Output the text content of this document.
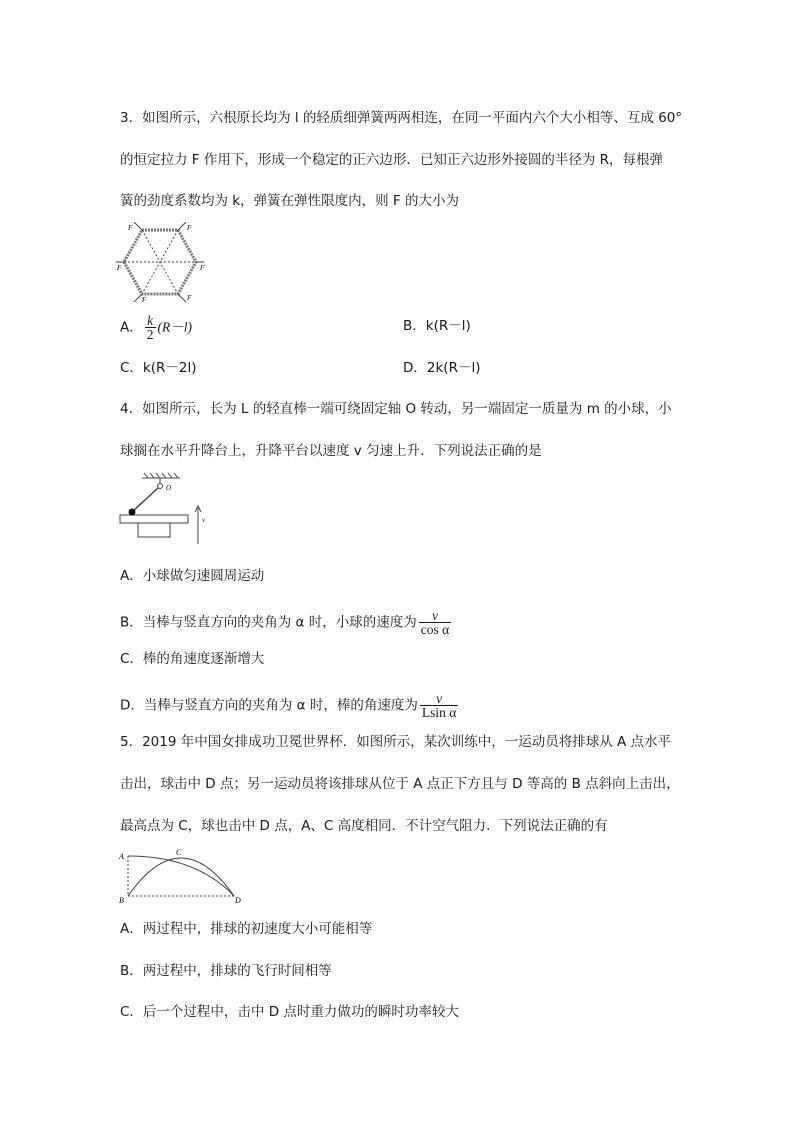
3．如图所示，六根原长均为 l 的轻质细弹簧两两相连，在同一平面内六个大小相等、互成 60°
的恒定拉力 F 作用下，形成一个稳定的正六边形．已知正六边形外接圆的半径为 R，每根弹
簧的劲度系数均为 k，弹簧在弹性限度内，则 F 的大小为
F	F
F
F
F
F
A． $\frac{k}{2} (R-l)$	B．k(R－l)
C．k(R－2l)	D．2k(R－l)
4．如图所示，长为 L 的轻直棒一端可绕固定轴 O 转动，另一端固定一质量为 m 的小球，小
球搁在水平升降台上，升降平台以速度 v 匀速上升．下列说法正确的是
O
v
A．小球做匀速圆周运动
B．当棒与竖直方向的夹角为 α 时，小球的速度为 $\frac{v}{\text{cos α}}$
C．棒的角速度逐渐增大
D．当棒与竖直方向的夹角为 α 时，棒的角速度为 $\frac{v}{\text{Lsin α}}$
5．2019 年中国女排成功卫冕世界杯．如图所示，某次训练中，一运动员将排球从 A 点水平
击出，球击中 D 点；另一运动员将该排球从位于 A 点正下方且与 D 等高的 B 点斜向上击出，
最高点为 C，球也击中 D 点，A、C 高度相同．不计空气阻力．下列说法正确的有
A
B
C
D
A．两过程中，排球的初速度大小可能相等
B．两过程中，排球的飞行时间相等
C．后一个过程中，击中 D 点时重力做功的瞬时功率较大
